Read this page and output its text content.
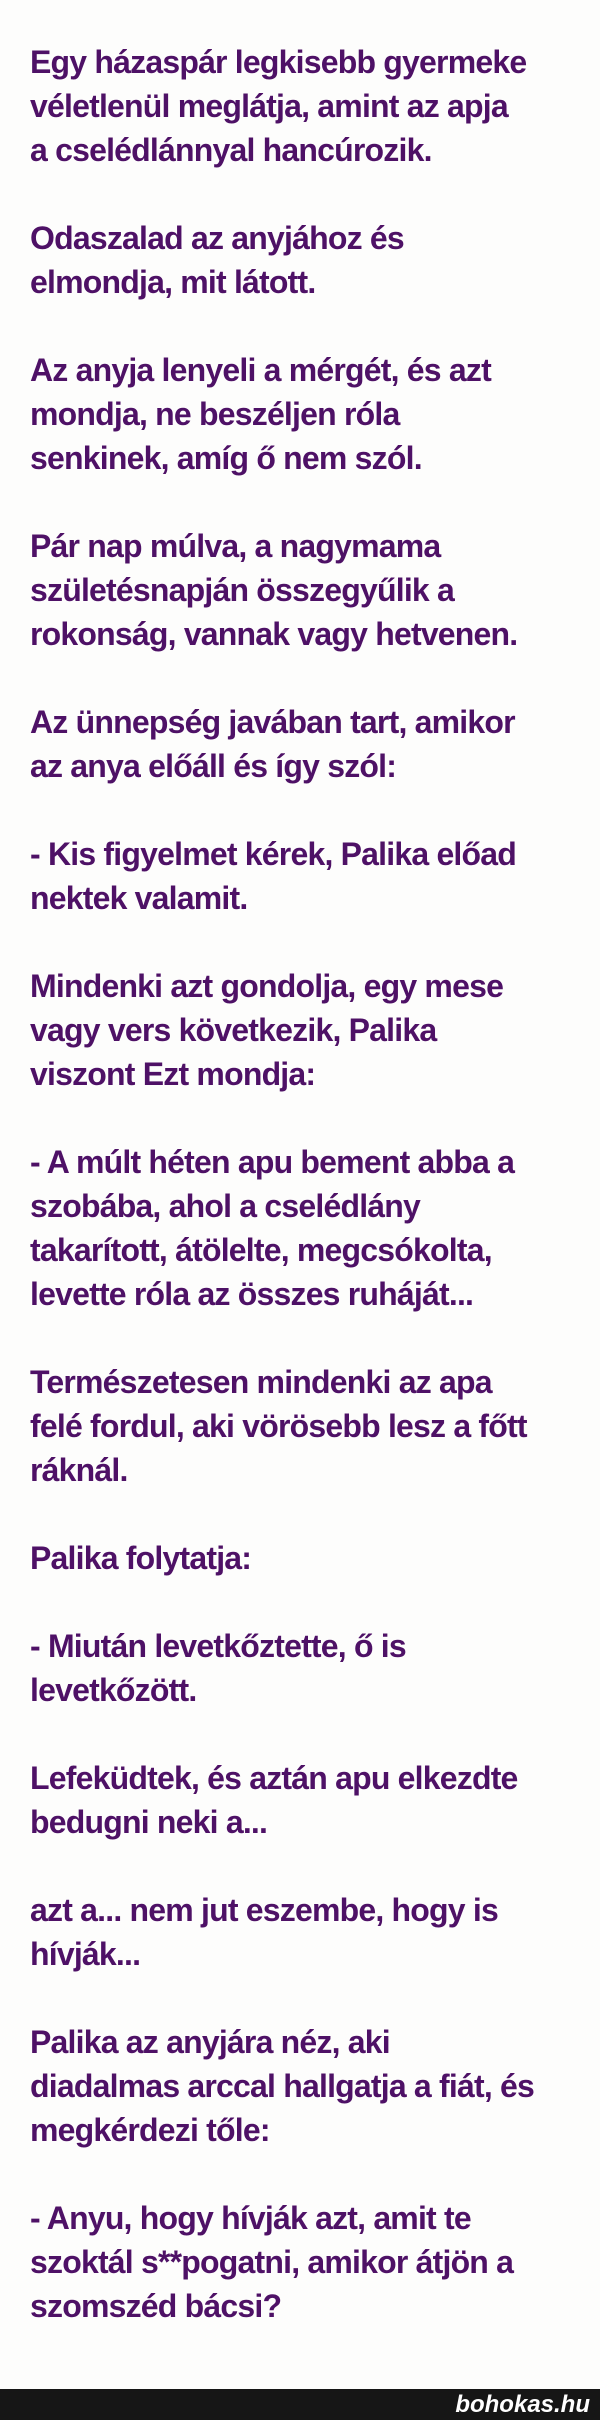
Egy házaspár legkisebb gyermeke
véletlenül meglátja, amint az apja
a cselédlánnyal hancúrozik.

Odaszalad az anyjához és
elmondja, mit látott.

Az anyja lenyeli a mérgét, és azt
mondja, ne beszéljen róla
senkinek, amíg ő nem szól.

Pár nap múlva, a nagymama
születésnapján összegyűlik a
rokonság, vannak vagy hetvenen.

Az ünnepség javában tart, amikor
az anya előáll és így szól:

- Kis figyelmet kérek, Palika előad
nektek valamit.

Mindenki azt gondolja, egy mese
vagy vers következik, Palika
viszont Ezt mondja:

- A múlt héten apu bement abba a
szobába, ahol a cselédlány
takarított, átölelte, megcsókolta,
levette róla az összes ruháját...

Természetesen mindenki az apa
felé fordul, aki vörösebb lesz a főtt
ráknál.

Palika folytatja:

- Miután levetkőztette, ő is
levetkőzött.

Lefeküdtek, és aztán apu elkezdte
bedugni neki a...

azt a... nem jut eszembe, hogy is
hívják...

Palika az anyjára néz, aki
diadalmas arccal hallgatja a fiát, és
megkérdezi tőle:

- Anyu, hogy hívják azt, amit te
szoktál s**pogatni, amikor átjön a
szomszéd bácsi?

bohokas.hu
